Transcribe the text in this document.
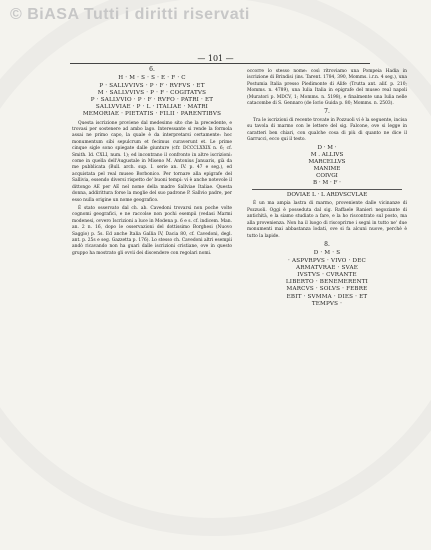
© BiASA Tutti i diritti riservati
— 101 —
6.
H · M · S · S · E · F · C
P · SALLVVIVS · P · F · RVFVS · ET
M · SALLVVIVS · P · F · COGITATVS
P · SALLVVIO · P · F · RVFO · PATRI · ET
SALLVVIAE · P · L · ITALIAE · MATRI
MEMORIAE · PIETATIS · FILII · PARENTIBVS

Questa iscrizione proviene dal medesimo sito che la precedente, e trovasi per sostenere ad ambo lago. Interessante si rende la formola assai ne primo capo, la quale è da interpretarsi certamente: hoc monumentum sibi sepulcrum et fecimus curaverunt et. Le prime cinque sigle sono spiegate dalle giunture (cfr. DCCCLXXIX n. 6; cf. Smith. Id. CXLI, num. 1); ed incontrano il confronto in altre iscrizioni: come in quella dell'Augustale in Miseno M. Antonius Januaris, già da me pubblicata (Bull. arch. sup. I. serie an. IV. p. 47 e seg.), ed acquistata pel real museo Borbonico. Per tornare alla epigrafe del Sallivia, essendo diversi rispetto de' buoni tempi: vi è anche notevole il dittongo AE per AE nel nome della madre Sallviae Italiae. Questa donna, addirittura forse la moglie del suo padrone P. Sallvio padre, per esso nulla origine un nome geografico.

È stato osservato dal ch. ab. Cavedoni trovarsi non poche volte cognomi geografici, e ne raccolse non pochi esempii (vedasi Marmi modenesi, ovvero Iscrizioni a luce in Modena p. 6 e s. cf. indicem. Man. an. 2 n. 16, dopo le osservazioni del dottissimo Borghesi (Nuovo Saggio) p. 5s. Ed anche Italia Gallia IV, Dacia 80, cf. Cavedoni, degl. ant. p. 25s e seg. Gazzetta p. 176). Lo stesso ch. Cavedoni altri esempii andò ricavando non ha guari dalle iscrizioni cristiane, ove in questo gruppo ha mostrato gli ovvii dei discendere con regolari nomi.

occorre lo stesso nome: così ritroviamo una Pompeia Hadia in iscrizione di Brindisi (ins. Tarent. 1784, 390, Momms. i.r.n. 4 seg.), una Postumia Italia presso Piedimonte di Alife (Trutta ant. alif. p. 210; Momms. n. 4789), una Iulia Italia in epigrafe del museo real napoli (Muratori p. MDCV, 1; Momms. n. 5198), e finalmente una Iulia nelle catacombe di S. Gennaro (de Iorio Guida p. 80; Momms. n. 2503).

7.

Tra le iscrizioni di recente trovate in Pozzuoli vi è la seguente, incisa su tavola di marmo con le lettere del sig. Falcone, ove si legge in caratteri ben chiari, con qualche cosa di più di quanto ne dice il Garrucci, ecco qui il testo.

D · M ·
M . ALLIVS
MARCELLVS
MANIME
COIVGI
B · M · F ·
DOVIAE L · L ARDVSCVLAE

È un ma ampia lastra di marmo, proveniente dalle vicinanze di Pozzuoli. Oggi è posseduta dal sig. Raffaele Ranieri negoziante di antichità, e la siamo studiato a fare, e la ho riscontrato sul posto, ma alla provenienza. Non ha il luogo di riscoprirne i segni in tutto ne' due monumenti mai abbastanza lodati, ove si fa alcuni nuove, perchè è tutto la lapide.

8.
D · M · S
· ASPVRPVS · VIVO · DEC
ARMATVRAE · SVAE
IVSTVS · CVRANTE
LIBERTO · BENEMERENTI
MARCVS · SOLVS · FEBRE
EBIT · SVMMA · DIES · ET
TEMPVS ·
